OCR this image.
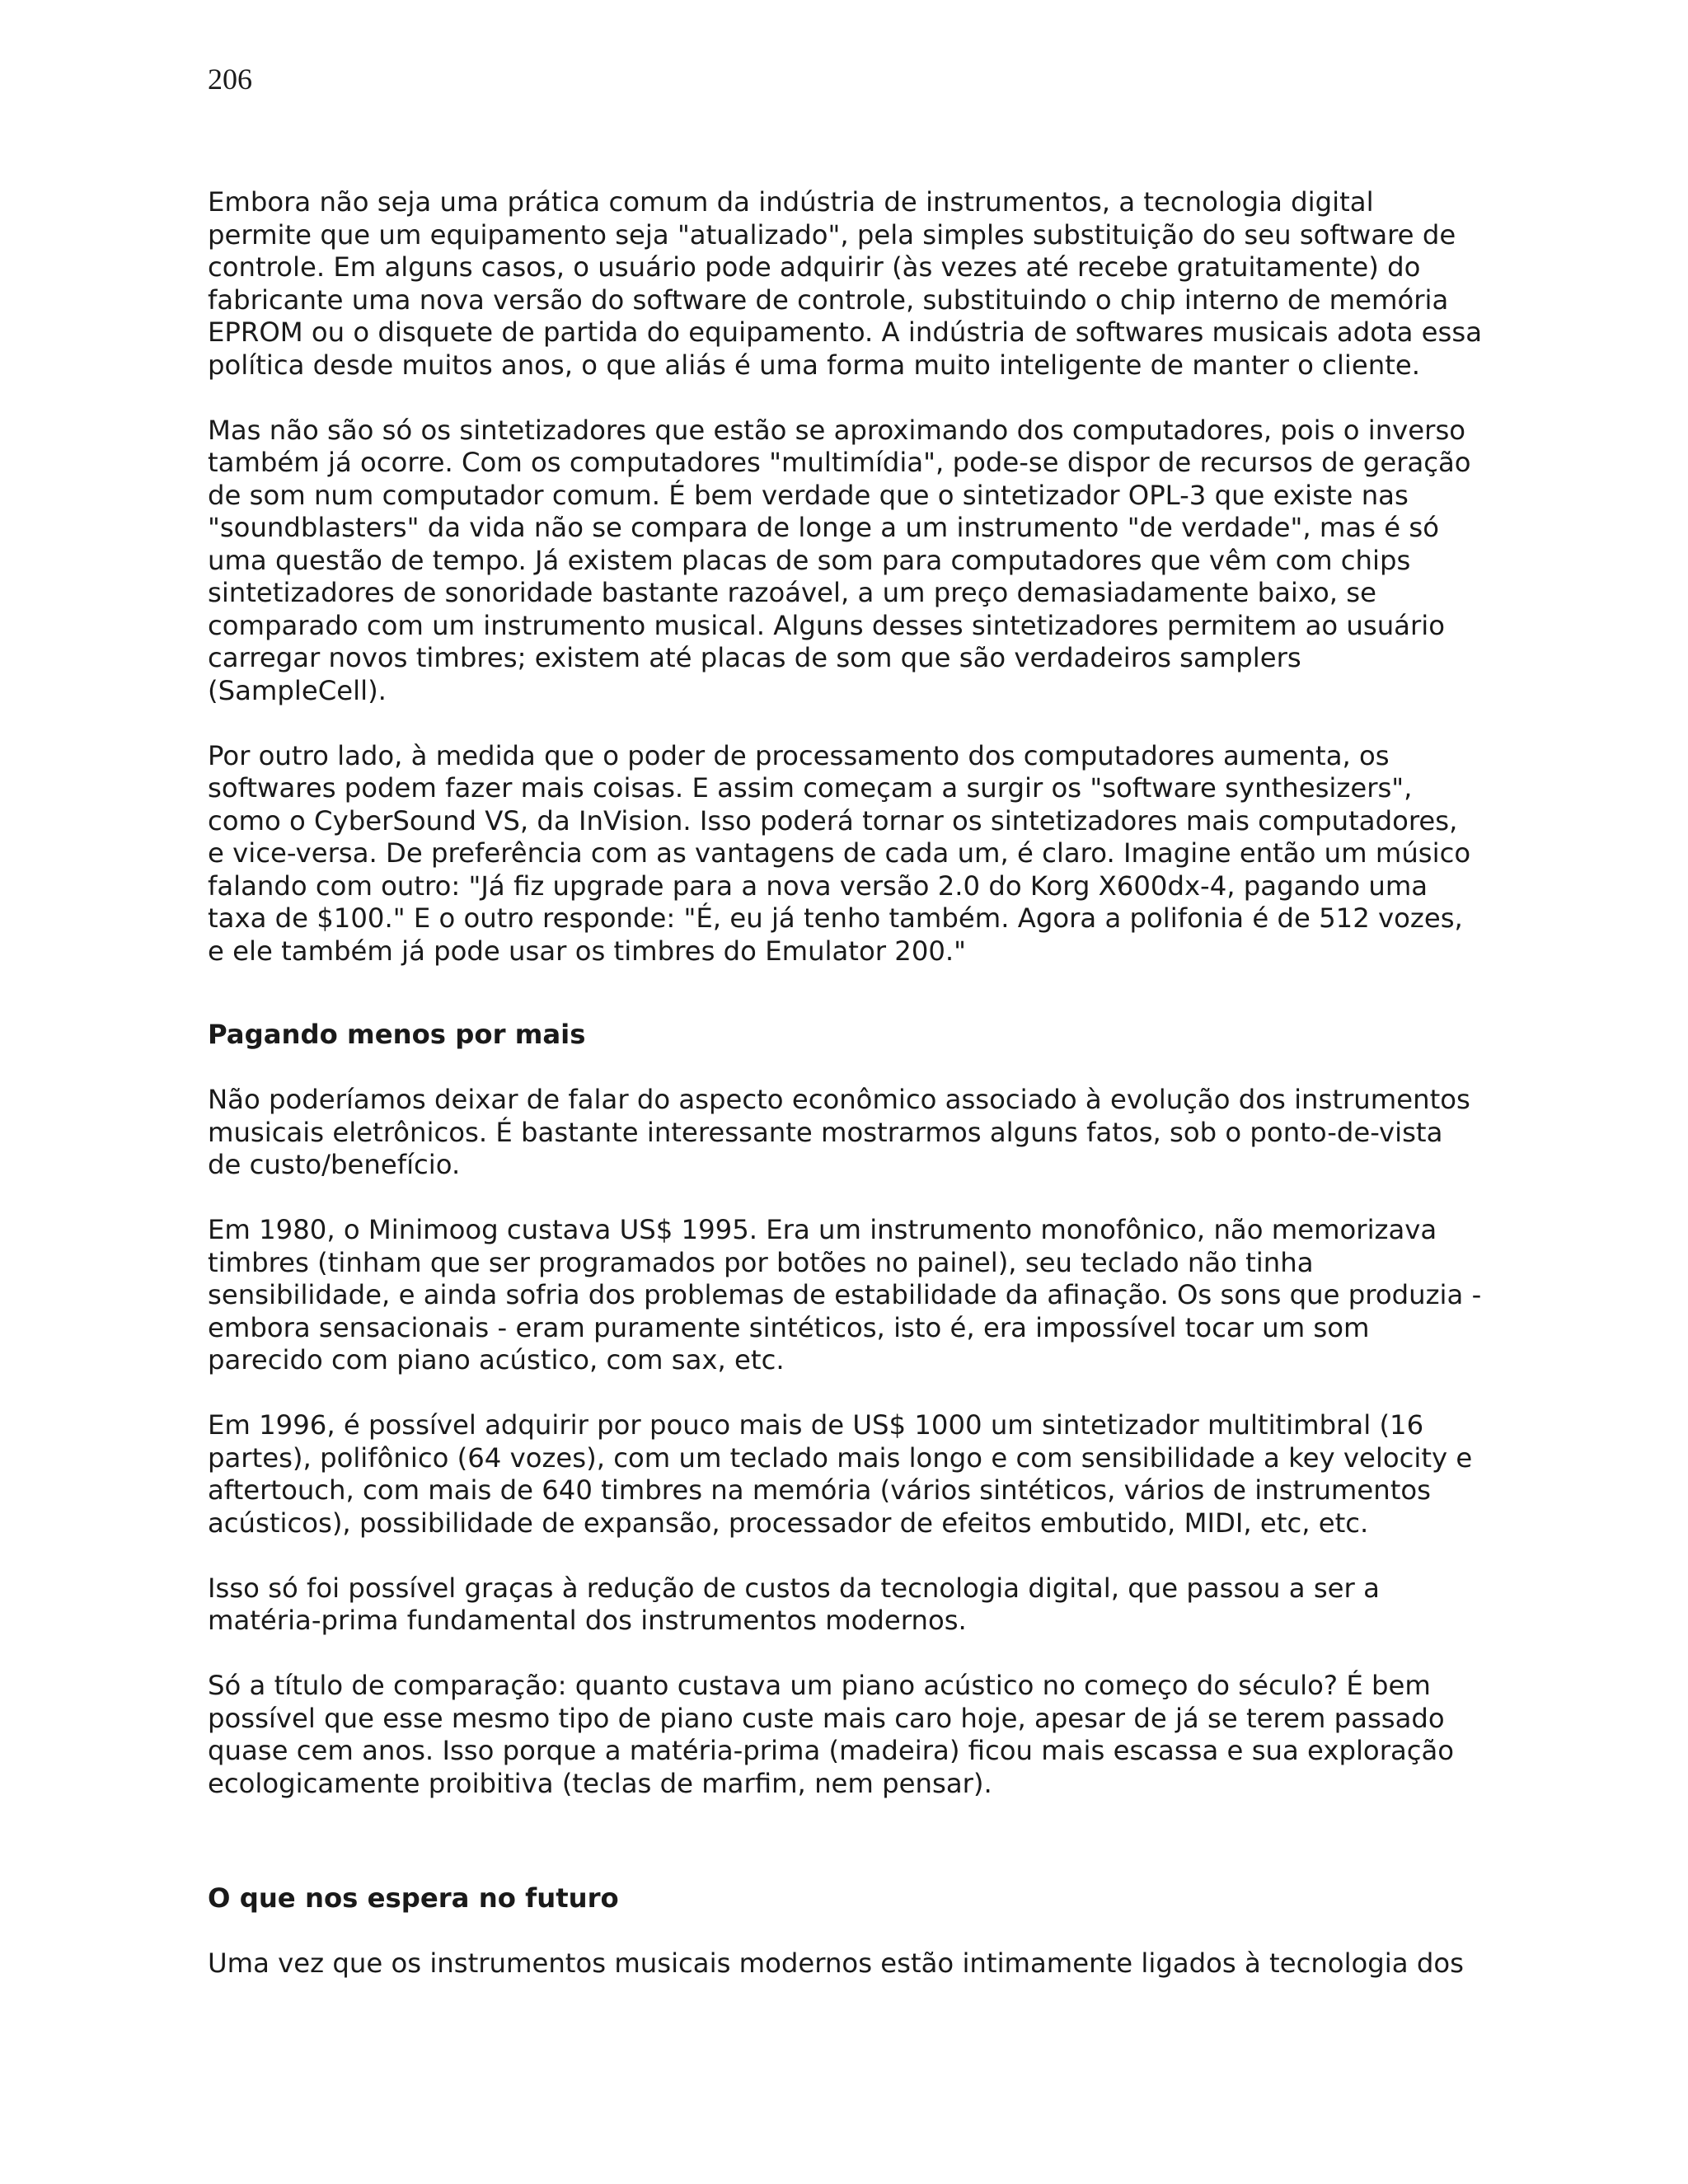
206

Embora não seja uma prática comum da indústria de instrumentos, a tecnologia digital
permite que um equipamento seja "atualizado", pela simples substituição do seu software de
controle. Em alguns casos, o usuário pode adquirir (às vezes até recebe gratuitamente) do
fabricante uma nova versão do software de controle, substituindo o chip interno de memória
EPROM ou o disquete de partida do equipamento. A indústria de softwares musicais adota essa
política desde muitos anos, o que aliás é uma forma muito inteligente de manter o cliente.

Mas não são só os sintetizadores que estão se aproximando dos computadores, pois o inverso
também já ocorre. Com os computadores "multimídia", pode-se dispor de recursos de geração
de som num computador comum. É bem verdade que o sintetizador OPL-3 que existe nas
"soundblasters" da vida não se compara de longe a um instrumento "de verdade", mas é só
uma questão de tempo. Já existem placas de som para computadores que vêm com chips
sintetizadores de sonoridade bastante razoável, a um preço demasiadamente baixo, se
comparado com um instrumento musical. Alguns desses sintetizadores permitem ao usuário
carregar novos timbres; existem até placas de som que são verdadeiros samplers
(SampleCell).

Por outro lado, à medida que o poder de processamento dos computadores aumenta, os
softwares podem fazer mais coisas. E assim começam a surgir os "software synthesizers",
como o CyberSound VS, da InVision. Isso poderá tornar os sintetizadores mais computadores,
e vice-versa. De preferência com as vantagens de cada um, é claro. Imagine então um músico
falando com outro: "Já fiz upgrade para a nova versão 2.0 do Korg X600dx-4, pagando uma
taxa de $100." E o outro responde: "É, eu já tenho também. Agora a polifonia é de 512 vozes,
e ele também já pode usar os timbres do Emulator 200."

Pagando menos por mais

Não poderíamos deixar de falar do aspecto econômico associado à evolução dos instrumentos
musicais eletrônicos. É bastante interessante mostrarmos alguns fatos, sob o ponto-de-vista
de custo/benefício.

Em 1980, o Minimoog custava US$ 1995. Era um instrumento monofônico, não memorizava
timbres (tinham que ser programados por botões no painel), seu teclado não tinha
sensibilidade, e ainda sofria dos problemas de estabilidade da afinação. Os sons que produzia -
embora sensacionais - eram puramente sintéticos, isto é, era impossível tocar um som
parecido com piano acústico, com sax, etc.

Em 1996, é possível adquirir por pouco mais de US$ 1000 um sintetizador multitimbral (16
partes), polifônico (64 vozes), com um teclado mais longo e com sensibilidade a key velocity e
aftertouch, com mais de 640 timbres na memória (vários sintéticos, vários de instrumentos
acústicos), possibilidade de expansão, processador de efeitos embutido, MIDI, etc, etc.

Isso só foi possível graças à redução de custos da tecnologia digital, que passou a ser a
matéria-prima fundamental dos instrumentos modernos.

Só a título de comparação: quanto custava um piano acústico no começo do século? É bem
possível que esse mesmo tipo de piano custe mais caro hoje, apesar de já se terem passado
quase cem anos. Isso porque a matéria-prima (madeira) ficou mais escassa e sua exploração
ecologicamente proibitiva (teclas de marfim, nem pensar).

O que nos espera no futuro

Uma vez que os instrumentos musicais modernos estão intimamente ligados à tecnologia dos
